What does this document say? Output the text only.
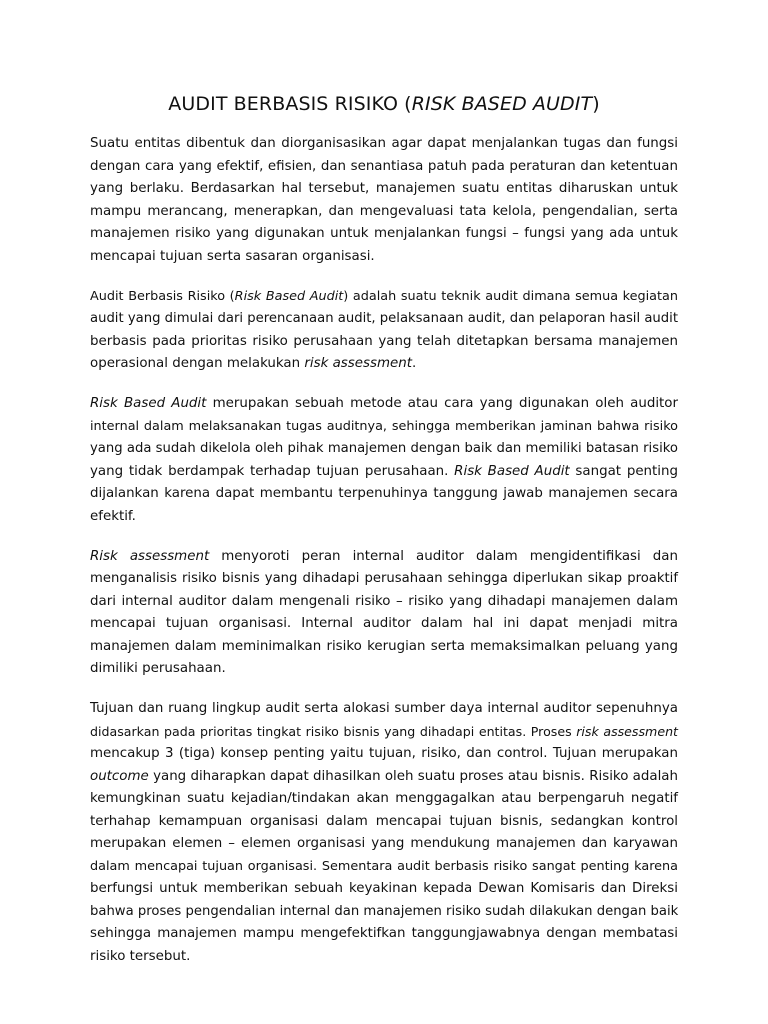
AUDIT BERBASIS RISIKO (RISK BASED AUDIT)

Suatu entitas dibentuk dan diorganisasikan agar dapat menjalankan tugas dan fungsi
dengan cara yang efektif, efisien, dan senantiasa patuh pada peraturan dan ketentuan
yang berlaku. Berdasarkan hal tersebut, manajemen suatu entitas diharuskan untuk
mampu merancang, menerapkan, dan mengevaluasi tata kelola, pengendalian, serta
manajemen risiko yang digunakan untuk menjalankan fungsi – fungsi yang ada untuk
mencapai tujuan serta sasaran organisasi.

Audit Berbasis Risiko (Risk Based Audit) adalah suatu teknik audit dimana semua kegiatan
audit yang dimulai dari perencanaan audit, pelaksanaan audit, dan pelaporan hasil audit
berbasis pada prioritas risiko perusahaan yang telah ditetapkan bersama manajemen
operasional dengan melakukan risk assessment.

Risk Based Audit merupakan sebuah metode atau cara yang digunakan oleh auditor
internal dalam melaksanakan tugas auditnya, sehingga memberikan jaminan bahwa risiko
yang ada sudah dikelola oleh pihak manajemen dengan baik dan memiliki batasan risiko
yang tidak berdampak terhadap tujuan perusahaan. Risk Based Audit sangat penting
dijalankan karena dapat membantu terpenuhinya tanggung jawab manajemen secara
efektif.

Risk assessment menyoroti peran internal auditor dalam mengidentifikasi dan
menganalisis risiko bisnis yang dihadapi perusahaan sehingga diperlukan sikap proaktif
dari internal auditor dalam mengenali risiko – risiko yang dihadapi manajemen dalam
mencapai tujuan organisasi. Internal auditor dalam hal ini dapat menjadi mitra
manajemen dalam meminimalkan risiko kerugian serta memaksimalkan peluang yang
dimiliki perusahaan.

Tujuan dan ruang lingkup audit serta alokasi sumber daya internal auditor sepenuhnya
didasarkan pada prioritas tingkat risiko bisnis yang dihadapi entitas. Proses risk assessment
mencakup 3 (tiga) konsep penting yaitu tujuan, risiko, dan control. Tujuan merupakan
outcome yang diharapkan dapat dihasilkan oleh suatu proses atau bisnis. Risiko adalah
kemungkinan suatu kejadian/tindakan akan menggagalkan atau berpengaruh negatif
terhahap kemampuan organisasi dalam mencapai tujuan bisnis, sedangkan kontrol
merupakan elemen – elemen organisasi yang mendukung manajemen dan karyawan
dalam mencapai tujuan organisasi. Sementara audit berbasis risiko sangat penting karena
berfungsi untuk memberikan sebuah keyakinan kepada Dewan Komisaris dan Direksi
bahwa proses pengendalian internal dan manajemen risiko sudah dilakukan dengan baik
sehingga manajemen mampu mengefektifkan tanggungjawabnya dengan membatasi
risiko tersebut.
